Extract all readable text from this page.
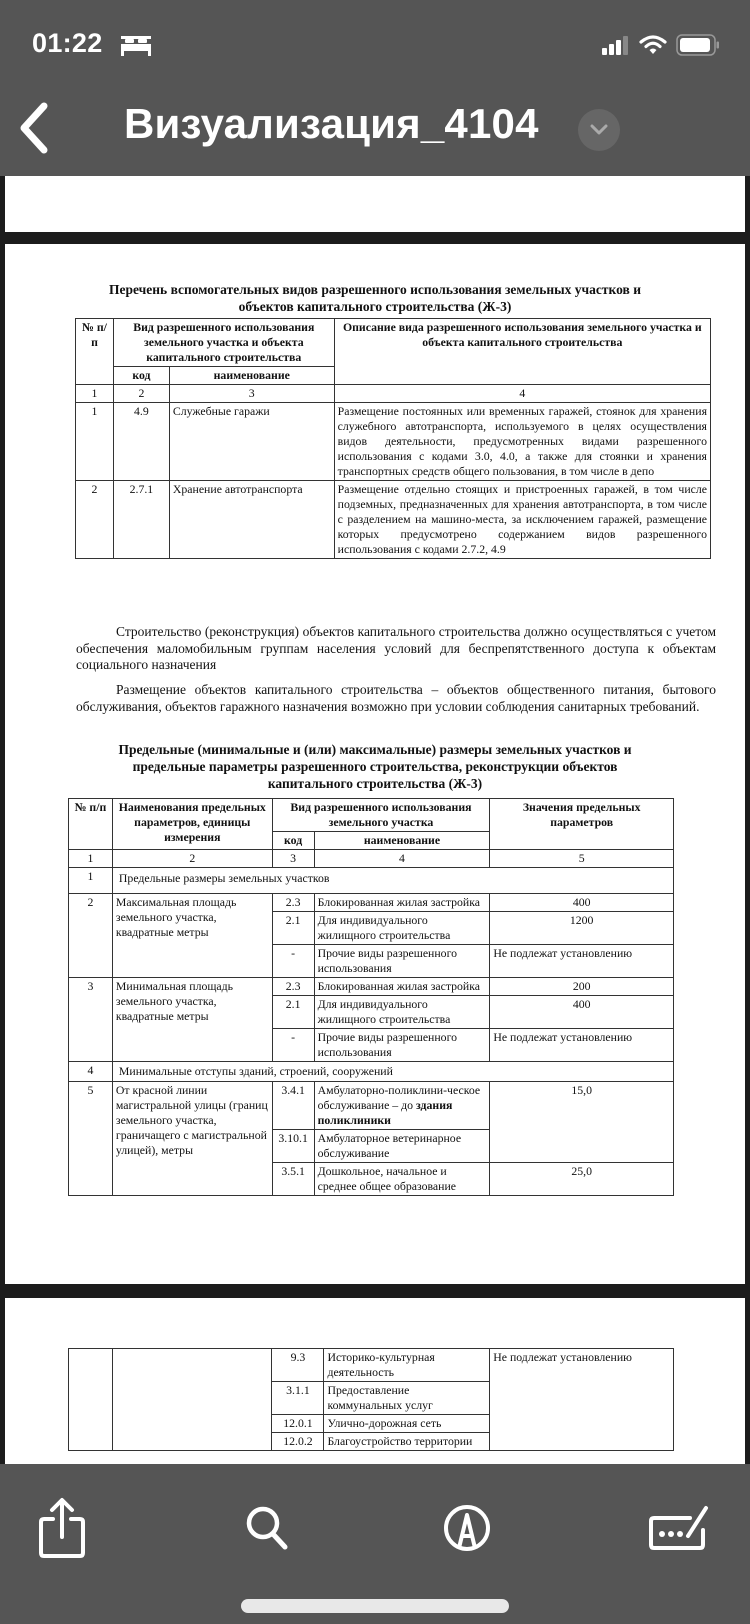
01:22
Визуализация_4104
Перечень вспомогательных видов разрешенного использования земельных участков и
объектов капитального строительства (Ж-3)
№ п/п	Вид разрешенного использования земельного участка и объекта капитального строительства		Описание вида разрешенного использования земельного участка и объекта капитального строительства
	код	наименование	
1	2	3	4
1	4.9	Служебные гаражи	Размещение постоянных или временных гаражей, стоянок для хранения служебного автотранспорта, используемого в целях осуществления видов деятельности, предусмотренных видами разрешенного использования с кодами 3.0, 4.0, а также для стоянки и хранения транспортных средств общего пользования, в том числе в депо
2	2.7.1	Хранение автотранспорта	Размещение отдельно стоящих и пристроенных гаражей, в том числе подземных, предназначенных для хранения автотранспорта, в том числе с разделением на машино-места, за исключением гаражей, размещение которых предусмотрено содержанием видов разрешенного использования с кодами 2.7.2, 4.9
Строительство (реконструкция) объектов капитального строительства должно осуществляться с учетом обеспечения маломобильным группам населения условий для беспрепятственного доступа к объектам социального назначения
Размещение объектов капитального строительства – объектов общественного питания, бытового обслуживания, объектов гаражного назначения возможно при условии соблюдения санитарных требований.
Предельные (минимальные и (или) максимальные) размеры земельных участков и
предельные параметры разрешенного строительства, реконструкции объектов
капитального строительства (Ж-3)
№ п/п	Наименования предельных параметров, единицы измерения	Вид разрешенного использования земельного участка		Значения предельных параметров
		код	наименование	
1	2	3	4	5
1	Предельные размеры земельных участков			
2	Максимальная площадь земельного участка, квадратные метры	2.3	Блокированная жилая застройка	400
		2.1	Для индивидуального жилищного строительства	1200
		-	Прочие виды разрешенного использования	Не подлежат установлению
3	Минимальная площадь земельного участка, квадратные метры	2.3	Блокированная жилая застройка	200
		2.1	Для индивидуального жилищного строительства	400
		-	Прочие виды разрешенного использования	Не подлежат установлению
4	Минимальные отступы зданий, строений, сооружений			
5	От красной линии магистральной улицы (границ земельного участка, граничащего с магистральной улицей), метры	3.4.1	Амбулаторно-поликлини-ческое обслуживание – до здания поликлиники	15,0
		3.10.1	Амбулаторное ветеринарное обслуживание	
		3.5.1	Дошкольное, начальное и среднее общее образование	25,0
		9.3	Историко-культурная деятельность	Не подлежат установлению
		3.1.1	Предоставление коммунальных услуг	
		12.0.1	Улично-дорожная сеть	
		12.0.2	Благоустройство территории	
